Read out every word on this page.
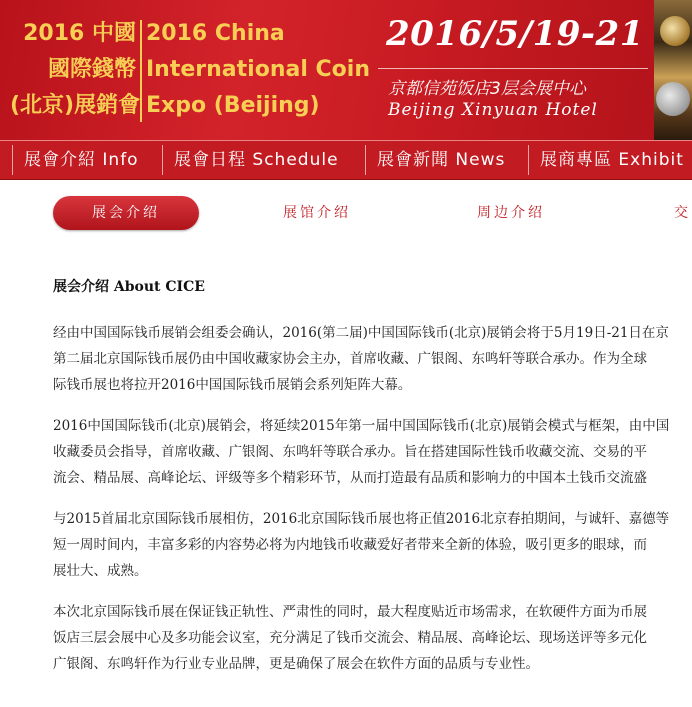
2016 中國
國際錢幣
(北京)展銷會
2016 China
International Coin
Expo (Beijing)
2016/5/19-21
京都信苑饭店3层会展中心
Beijing Xinyuan Hotel
展會介紹 Info	展會日程 Schedule	展會新聞 News	展商專區 Exhibit
展会介绍	展馆介绍	周边介绍	交
展会介绍 About CICE
经由中国国际钱币展销会组委会确认，2016(第二届)中国国际钱币(北京)展销会将于5月19日-21日在京
第二届北京国际钱币展仍由中国收藏家协会主办，首席收藏、广银阁、东鸣轩等联合承办。作为全球
际钱币展也将拉开2016中国国际钱币展销会系列矩阵大幕。
2016中国国际钱币(北京)展销会，将延续2015年第一届中国国际钱币(北京)展销会模式与框架，由中国
收藏委员会指导，首席收藏、广银阁、东鸣轩等联合承办。旨在搭建国际性钱币收藏交流、交易的平
流会、精品展、高峰论坛、评级等多个精彩环节，从而打造最有品质和影响力的中国本土钱币交流盛
与2015首届北京国际钱币展相仿，2016北京国际钱币展也将正值2016北京春拍期间，与诚轩、嘉德等
短一周时间内，丰富多彩的内容势必将为内地钱币收藏爱好者带来全新的体验，吸引更多的眼球，而
展壮大、成熟。
本次北京国际钱币展在保证钱正轨性、严肃性的同时，最大程度贴近市场需求，在软硬件方面为币展
饭店三层会展中心及多功能会议室，充分满足了钱币交流会、精品展、高峰论坛、现场送评等多元化
广银阁、东鸣轩作为行业专业品牌，更是确保了展会在软件方面的品质与专业性。
